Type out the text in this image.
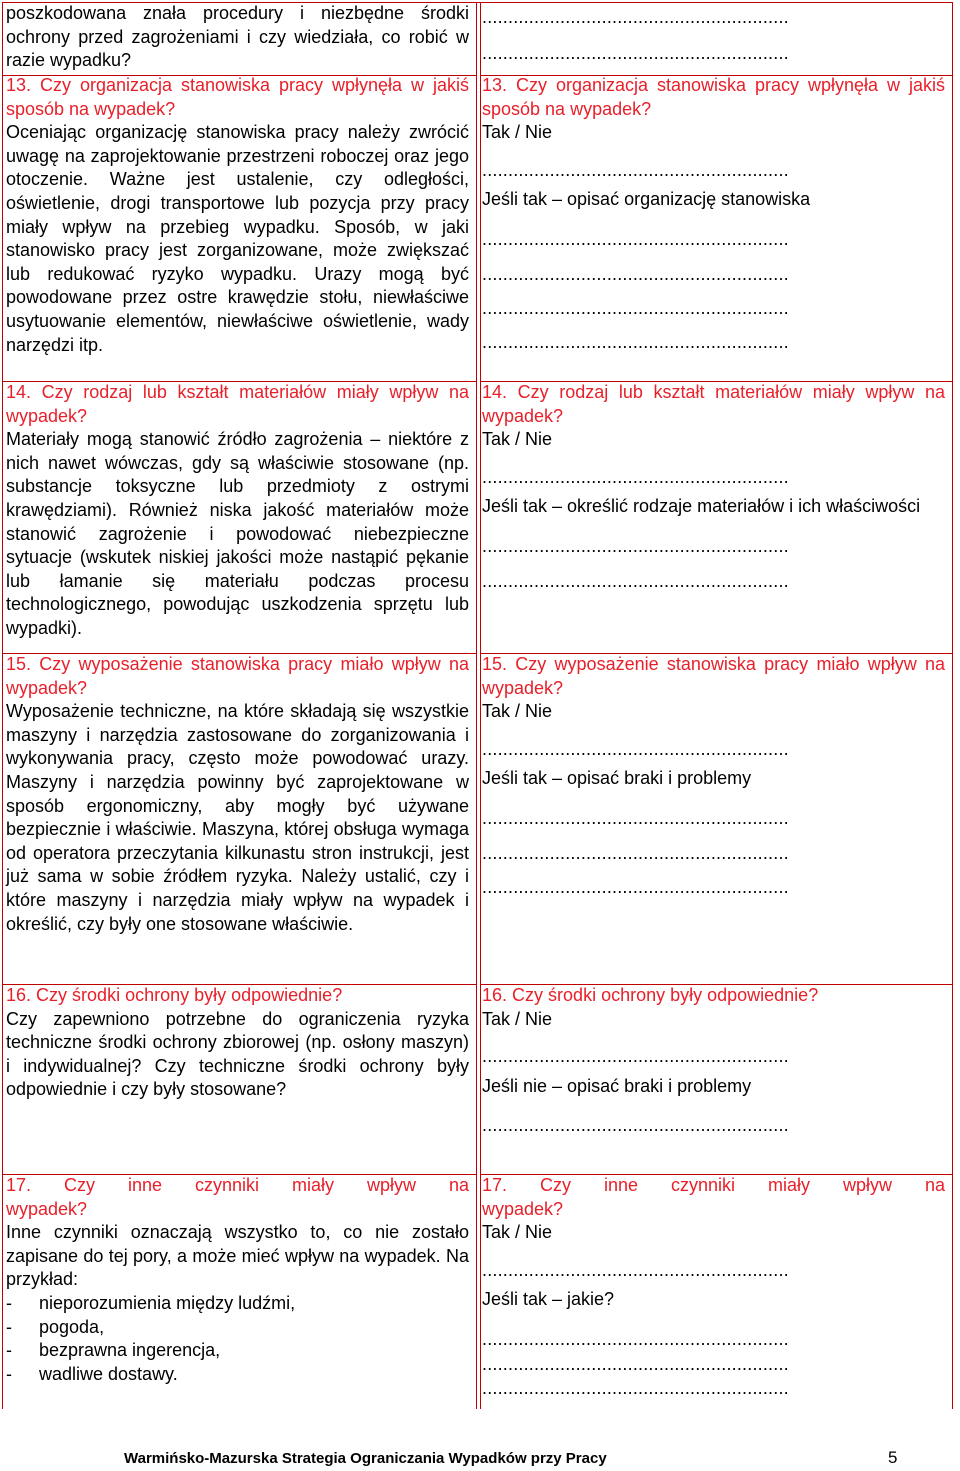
poszkodowana znała procedury i niezbędne środki ochrony przed zagrożeniami i czy wiedziała, co robić w razie wypadku?

...........................................................
...........................................................
13. Czy organizacja stanowiska pracy wpłynęła w jakiś sposób na wypadek?

Oceniając organizację stanowiska pracy należy zwrócić uwagę na zaprojektowanie przestrzeni roboczej oraz jego otoczenie. Ważne jest ustalenie, czy odległości, oświetlenie, drogi transportowe lub pozycja przy pracy miały wpływ na przebieg wypadku. Sposób, w jaki stanowisko pracy jest zorganizowane, może zwiększać lub redukować ryzyko wypadku. Urazy mogą być powodowane przez ostre krawędzie stołu, niewłaściwe usytuowanie elementów, niewłaściwe oświetlenie, wady narzędzi itp.

13. Czy organizacja stanowiska pracy wpłynęła w jakiś sposób na wypadek?
Tak / Nie
...........................................................
Jeśli tak – opisać organizację stanowiska
...........................................................
...........................................................
...........................................................
...........................................................
14. Czy rodzaj lub kształt materiałów miały wpływ na wypadek?

Materiały mogą stanowić źródło zagrożenia – niektóre z nich nawet wówczas, gdy są właściwie stosowane (np. substancje toksyczne lub przedmioty z ostrymi krawędziami). Również niska jakość materiałów może stanowić zagrożenie i powodować niebezpieczne sytuacje (wskutek niskiej jakości może nastąpić pękanie lub łamanie się materiału podczas procesu technologicznego, powodując uszkodzenia sprzętu lub wypadki).

14. Czy rodzaj lub kształt materiałów miały wpływ na wypadek?
Tak / Nie
...........................................................
Jeśli tak – określić rodzaje materiałów i ich właściwości
...........................................................
...........................................................
15. Czy wyposażenie stanowiska pracy miało wpływ na wypadek?

Wyposażenie techniczne, na które składają się wszystkie maszyny i narzędzia zastosowane do zorganizowania i wykonywania pracy, często może powodować urazy. Maszyny i narzędzia powinny być zaprojektowane w sposób ergonomiczny, aby mogły być używane bezpiecznie i właściwie. Maszyna, której obsługa wymaga od operatora przeczytania kilkunastu stron instrukcji, jest już sama w sobie źródłem ryzyka. Należy ustalić, czy i które maszyny i narzędzia miały wpływ na wypadek i określić, czy były one stosowane właściwie.

15. Czy wyposażenie stanowiska pracy miało wpływ na wypadek?
Tak / Nie
...........................................................
Jeśli tak – opisać braki i problemy
...........................................................
...........................................................
...........................................................
16. Czy środki ochrony były odpowiednie?

Czy zapewniono potrzebne do ograniczenia ryzyka techniczne środki ochrony zbiorowej (np. osłony maszyn) i indywidualnej? Czy techniczne środki ochrony były odpowiednie i czy były stosowane?

16. Czy środki ochrony były odpowiednie?
Tak / Nie
...........................................................
Jeśli nie – opisać braki i problemy
...........................................................
17. Czy inne czynniki miały wpływ na wypadek?

Inne czynniki oznaczają wszystko to, co nie zostało zapisane do tej pory, a może mieć wpływ na wypadek. Na przykład:

-	nieporozumienia między ludźmi,
-	pogoda,
-	bezprawna ingerencja,
-	wadliwe dostawy.
17. Czy inne czynniki miały wpływ na wypadek?
Tak / Nie
...........................................................
Jeśli tak – jakie?
...........................................................
...........................................................
...........................................................
Warmińsko-Mazurska Strategia Ograniczania Wypadków przy Pracy	5
